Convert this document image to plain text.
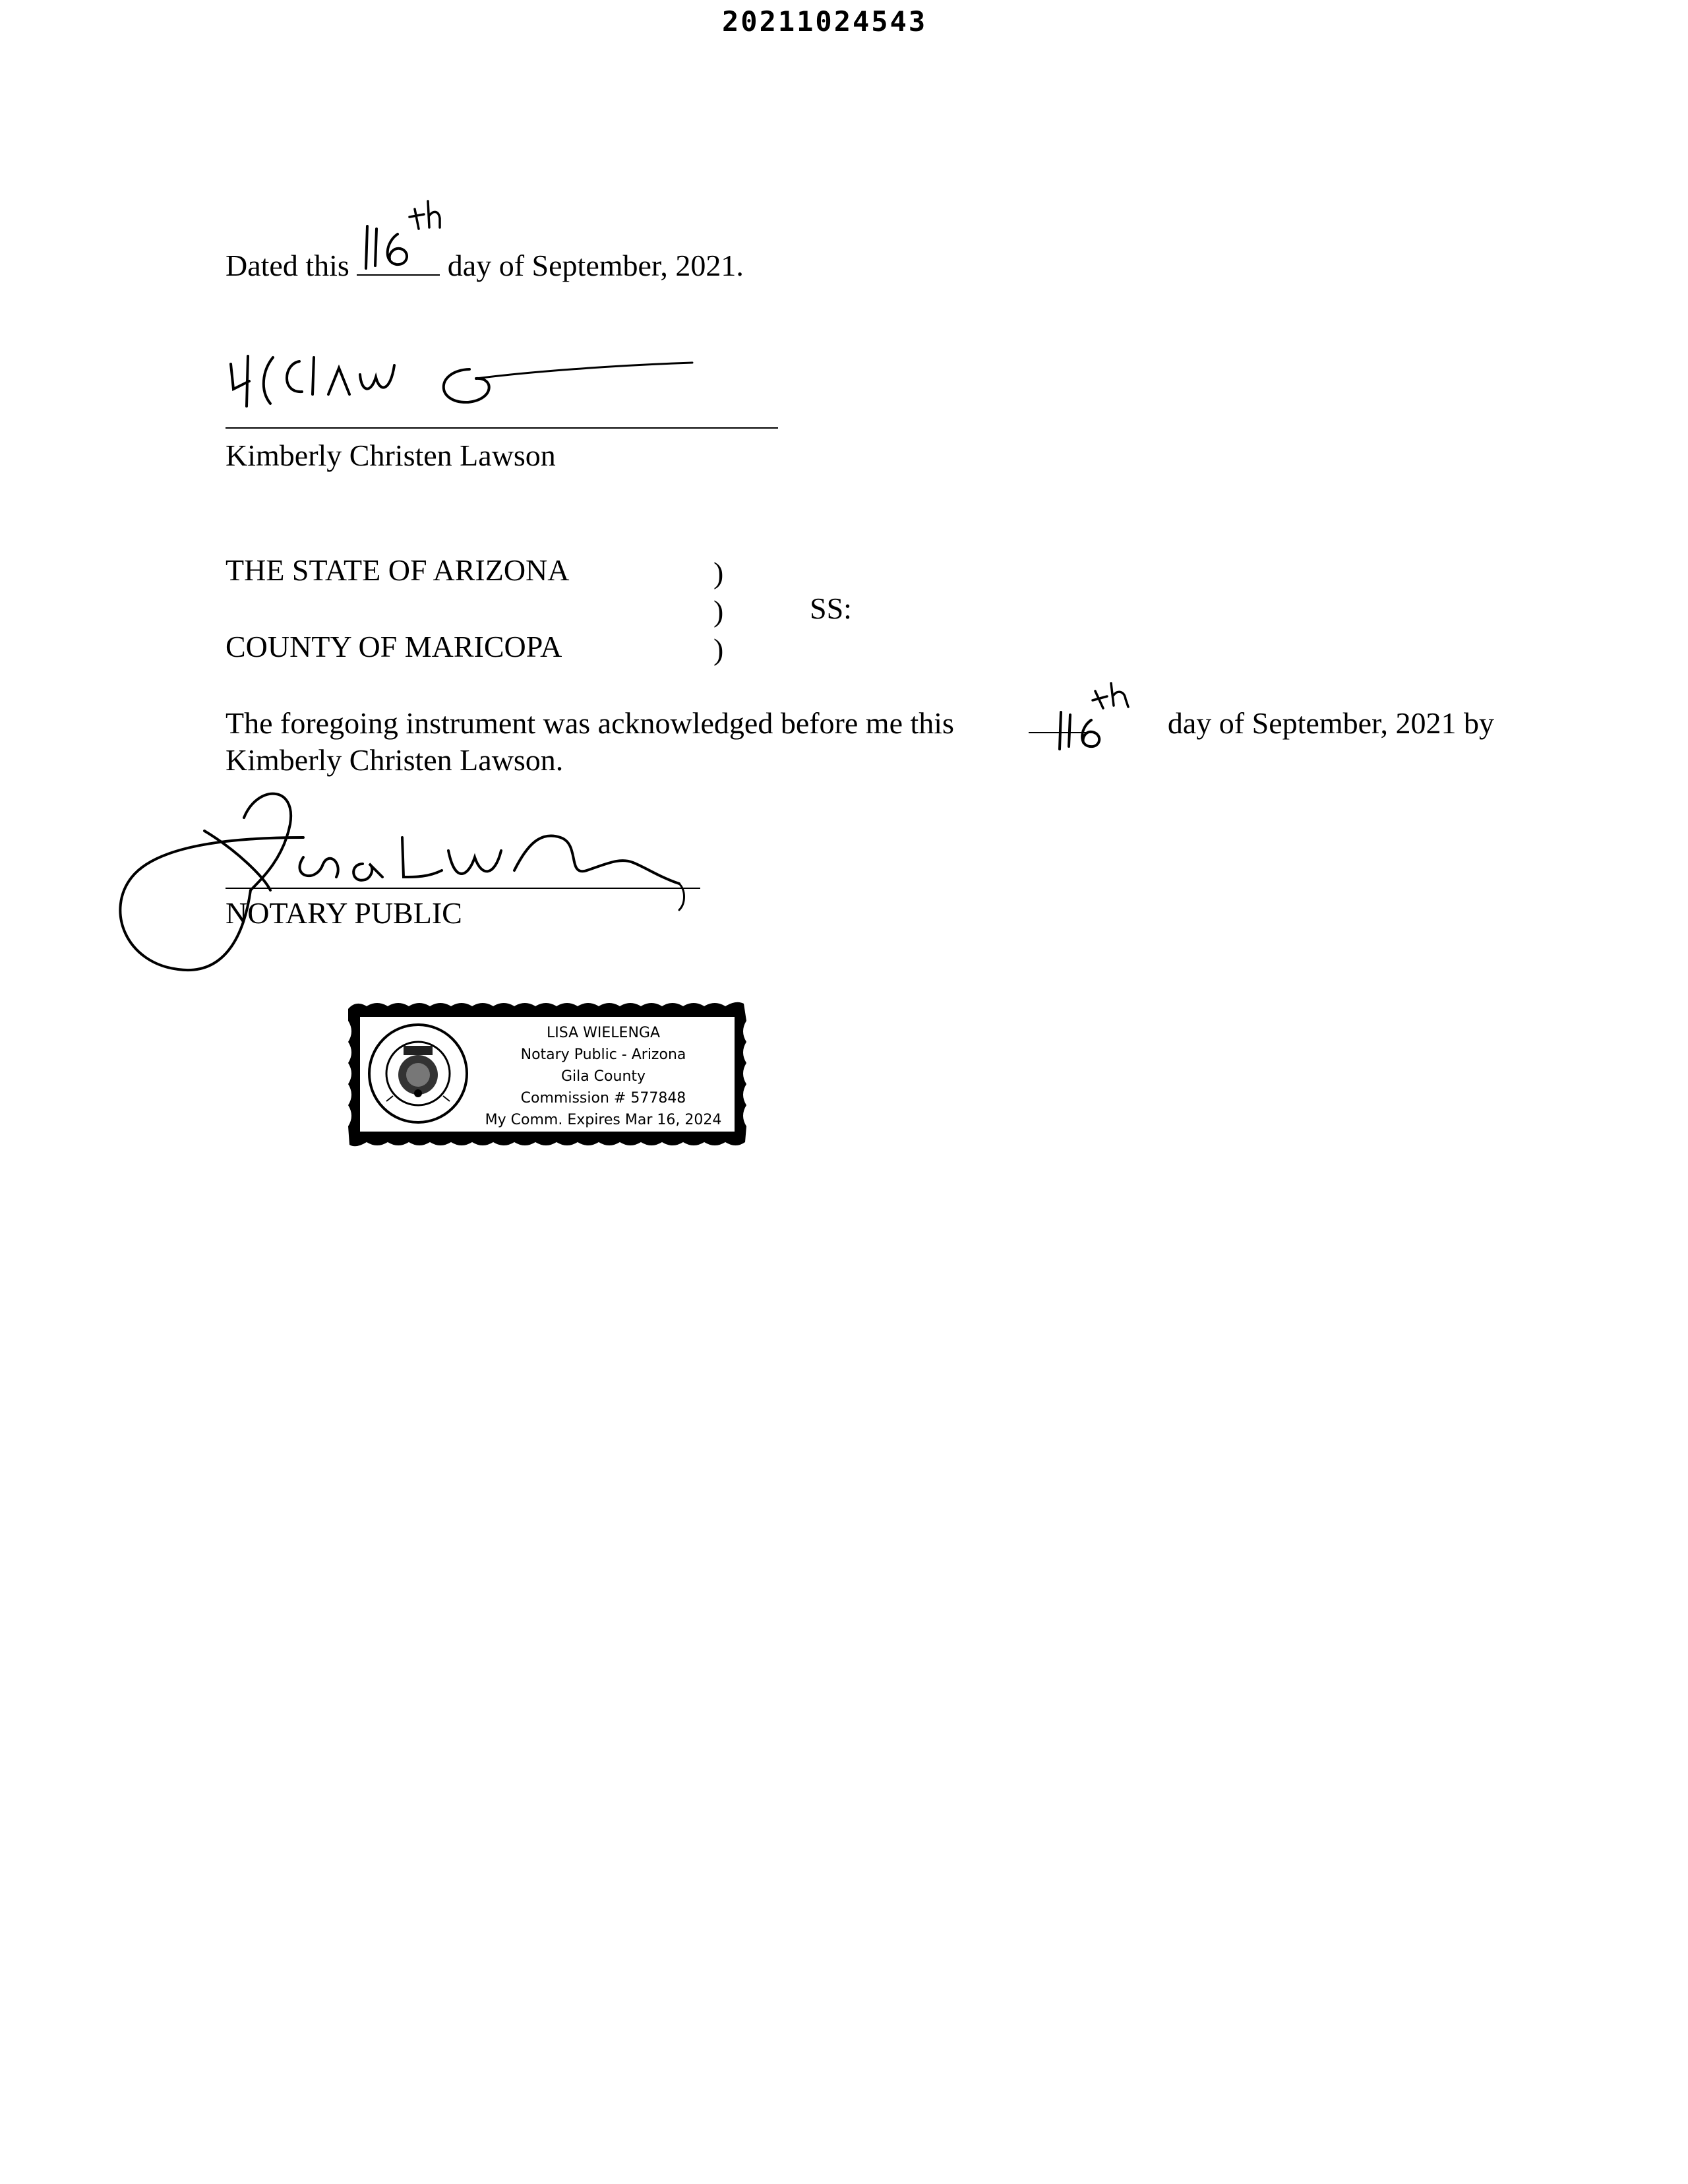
20211024543
Dated this	day of September, 2021.
Kimberly Christen Lawson
THE STATE OF ARIZONA
COUNTY OF MARICOPA
)
)
)
SS:
The foregoing instrument was acknowledged before me this	day of September, 2021 by
Kimberly Christen Lawson.
NOTARY PUBLIC
LISA WIELENGA
Notary Public - Arizona
Gila County
Commission # 577848
My Comm. Expires Mar 16, 2024
